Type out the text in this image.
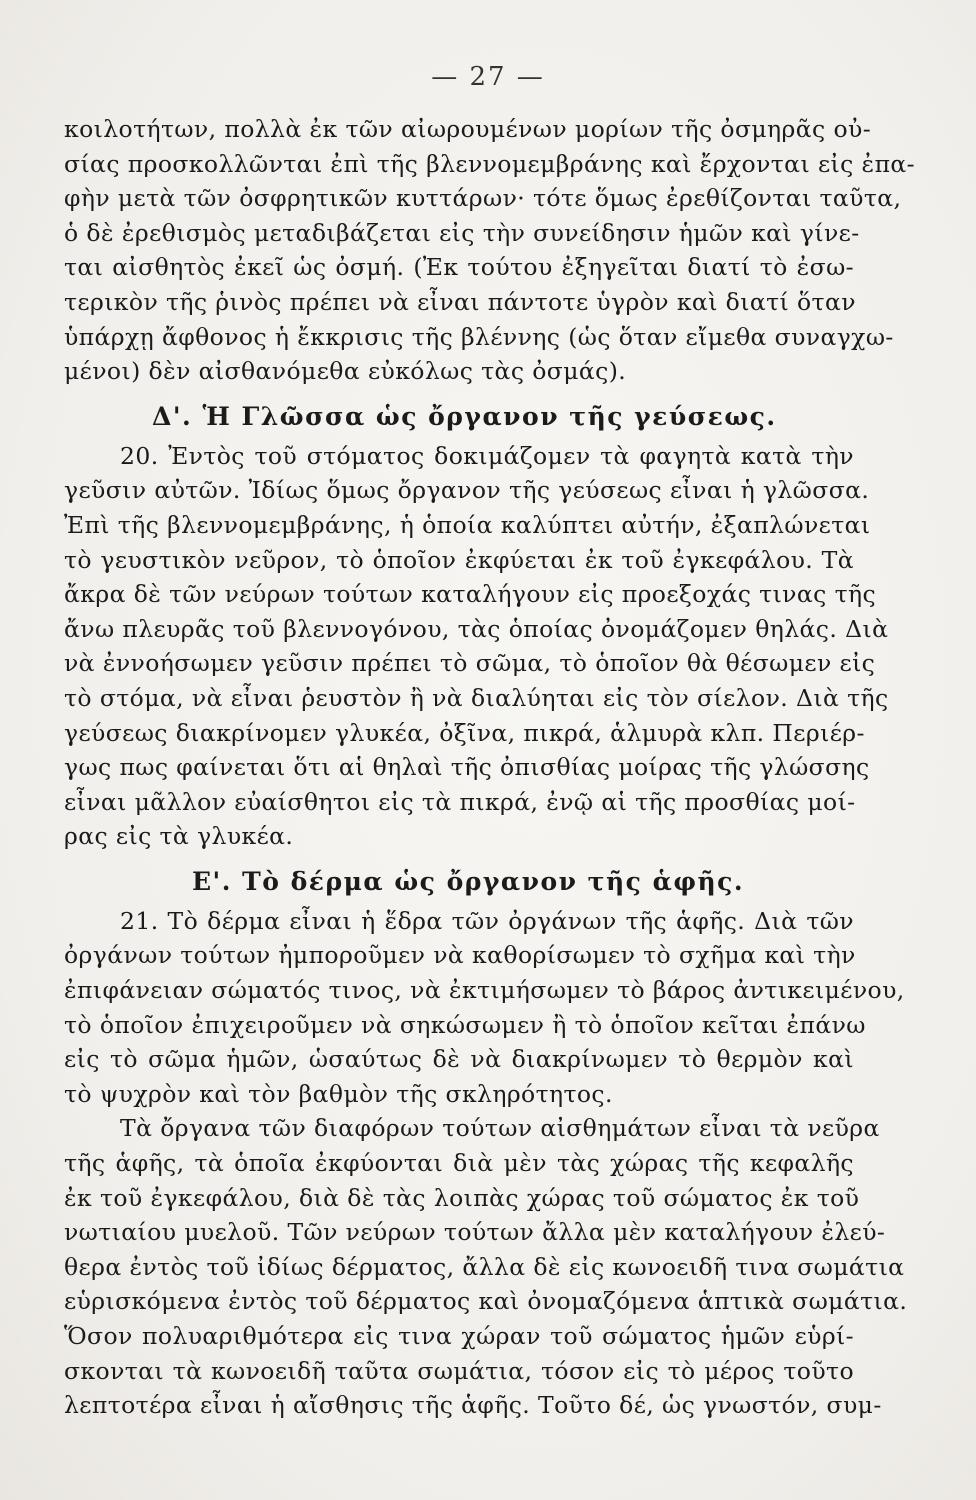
— 27 —
κοιλοτήτων, πολλὰ ἐκ τῶν αἰωρουμένων μορίων τῆς ὀσμηρᾶς οὐ-
σίας προσκολλῶνται ἐπὶ τῆς βλεννομεμβράνης καὶ ἔρχονται εἰς ἐπα-
φὴν μετὰ τῶν ὀσφρητικῶν κυττάρων· τότε ὅμως ἐρεθίζονται ταῦτα,
ὁ δὲ ἐρεθισμὸς μεταδιβάζεται εἰς τὴν συνείδησιν ἡμῶν καὶ γίνε-
ται αἰσθητὸς ἐκεῖ ὡς ὀσμή. (Ἐκ τούτου ἐξηγεῖται διατί τὸ ἐσω-
τερικὸν τῆς ῥινὸς πρέπει νὰ εἶναι πάντοτε ὑγρὸν καὶ διατί ὅταν
ὑπάρχῃ ἄφθονος ἡ ἔκκρισις τῆς βλέννης (ὡς ὅταν εἴμεθα συναγχω-
μένοι) δὲν αἰσθανόμεθα εὐκόλως τὰς ὀσμάς).
Δ'. Ἡ Γλῶσσα ὡς ὄργανον τῆς γεύσεως.
20. Ἐντὸς τοῦ στόματος δοκιμάζομεν τὰ φαγητὰ κατὰ τὴν
γεῦσιν αὐτῶν. Ἰδίως ὅμως ὄργανον τῆς γεύσεως εἶναι ἡ γλῶσσα.
Ἐπὶ τῆς βλεννομεμβράνης, ἡ ὁποία καλύπτει αὐτήν, ἐξαπλώνεται
τὸ γευστικὸν νεῦρον, τὸ ὁποῖον ἐκφύεται ἐκ τοῦ ἐγκεφάλου. Τὰ
ἄκρα δὲ τῶν νεύρων τούτων καταλήγουν εἰς προεξοχάς τινας τῆς
ἄνω πλευρᾶς τοῦ βλεννογόνου, τὰς ὁποίας ὀνομάζομεν θηλάς. Διὰ
νὰ ἐννοήσωμεν γεῦσιν πρέπει τὸ σῶμα, τὸ ὁποῖον θὰ θέσωμεν εἰς
τὸ στόμα, νὰ εἶναι ῥευστὸν ἢ νὰ διαλύηται εἰς τὸν σίελον. Διὰ τῆς
γεύσεως διακρίνομεν γλυκέα, ὀξῖνα, πικρά, ἁλμυρὰ κλπ. Περιέρ-
γως πως φαίνεται ὅτι αἱ θηλαὶ τῆς ὀπισθίας μοίρας τῆς γλώσσης
εἶναι μᾶλλον εὐαίσθητοι εἰς τὰ πικρά, ἐνῷ αἱ τῆς προσθίας μοί-
ρας εἰς τὰ γλυκέα.
Ε'. Τὸ δέρμα ὡς ὄργανον τῆς ἁφῆς.
21. Τὸ δέρμα εἶναι ἡ ἕδρα τῶν ὀργάνων τῆς ἁφῆς. Διὰ τῶν
ὀργάνων τούτων ἠμποροῦμεν νὰ καθορίσωμεν τὸ σχῆμα καὶ τὴν
ἐπιφάνειαν σώματός τινος, νὰ ἐκτιμήσωμεν τὸ βάρος ἀντικειμένου,
τὸ ὁποῖον ἐπιχειροῦμεν νὰ σηκώσωμεν ἢ τὸ ὁποῖον κεῖται ἐπάνω
εἰς τὸ σῶμα ἡμῶν, ὡσαύτως δὲ νὰ διακρίνωμεν τὸ θερμὸν καὶ
τὸ ψυχρὸν καὶ τὸν βαθμὸν τῆς σκληρότητος.
Τὰ ὄργανα τῶν διαφόρων τούτων αἰσθημάτων εἶναι τὰ νεῦρα
τῆς ἁφῆς, τὰ ὁποῖα ἐκφύονται διὰ μὲν τὰς χώρας τῆς κεφαλῆς
ἐκ τοῦ ἐγκεφάλου, διὰ δὲ τὰς λοιπὰς χώρας τοῦ σώματος ἐκ τοῦ
νωτιαίου μυελοῦ. Τῶν νεύρων τούτων ἄλλα μὲν καταλήγουν ἐλεύ-
θερα ἐντὸς τοῦ ἰδίως δέρματος, ἄλλα δὲ εἰς κωνοειδῆ τινα σωμάτια
εὑρισκόμενα ἐντὸς τοῦ δέρματος καὶ ὀνομαζόμενα ἁπτικὰ σωμάτια.
Ὅσον πολυαριθμότερα εἰς τινα χώραν τοῦ σώματος ἡμῶν εὑρί-
σκονται τὰ κωνοειδῆ ταῦτα σωμάτια, τόσον εἰς τὸ μέρος τοῦτο
λεπτοτέρα εἶναι ἡ αἴσθησις τῆς ἁφῆς. Τοῦτο δέ, ὡς γνωστόν, συμ-
